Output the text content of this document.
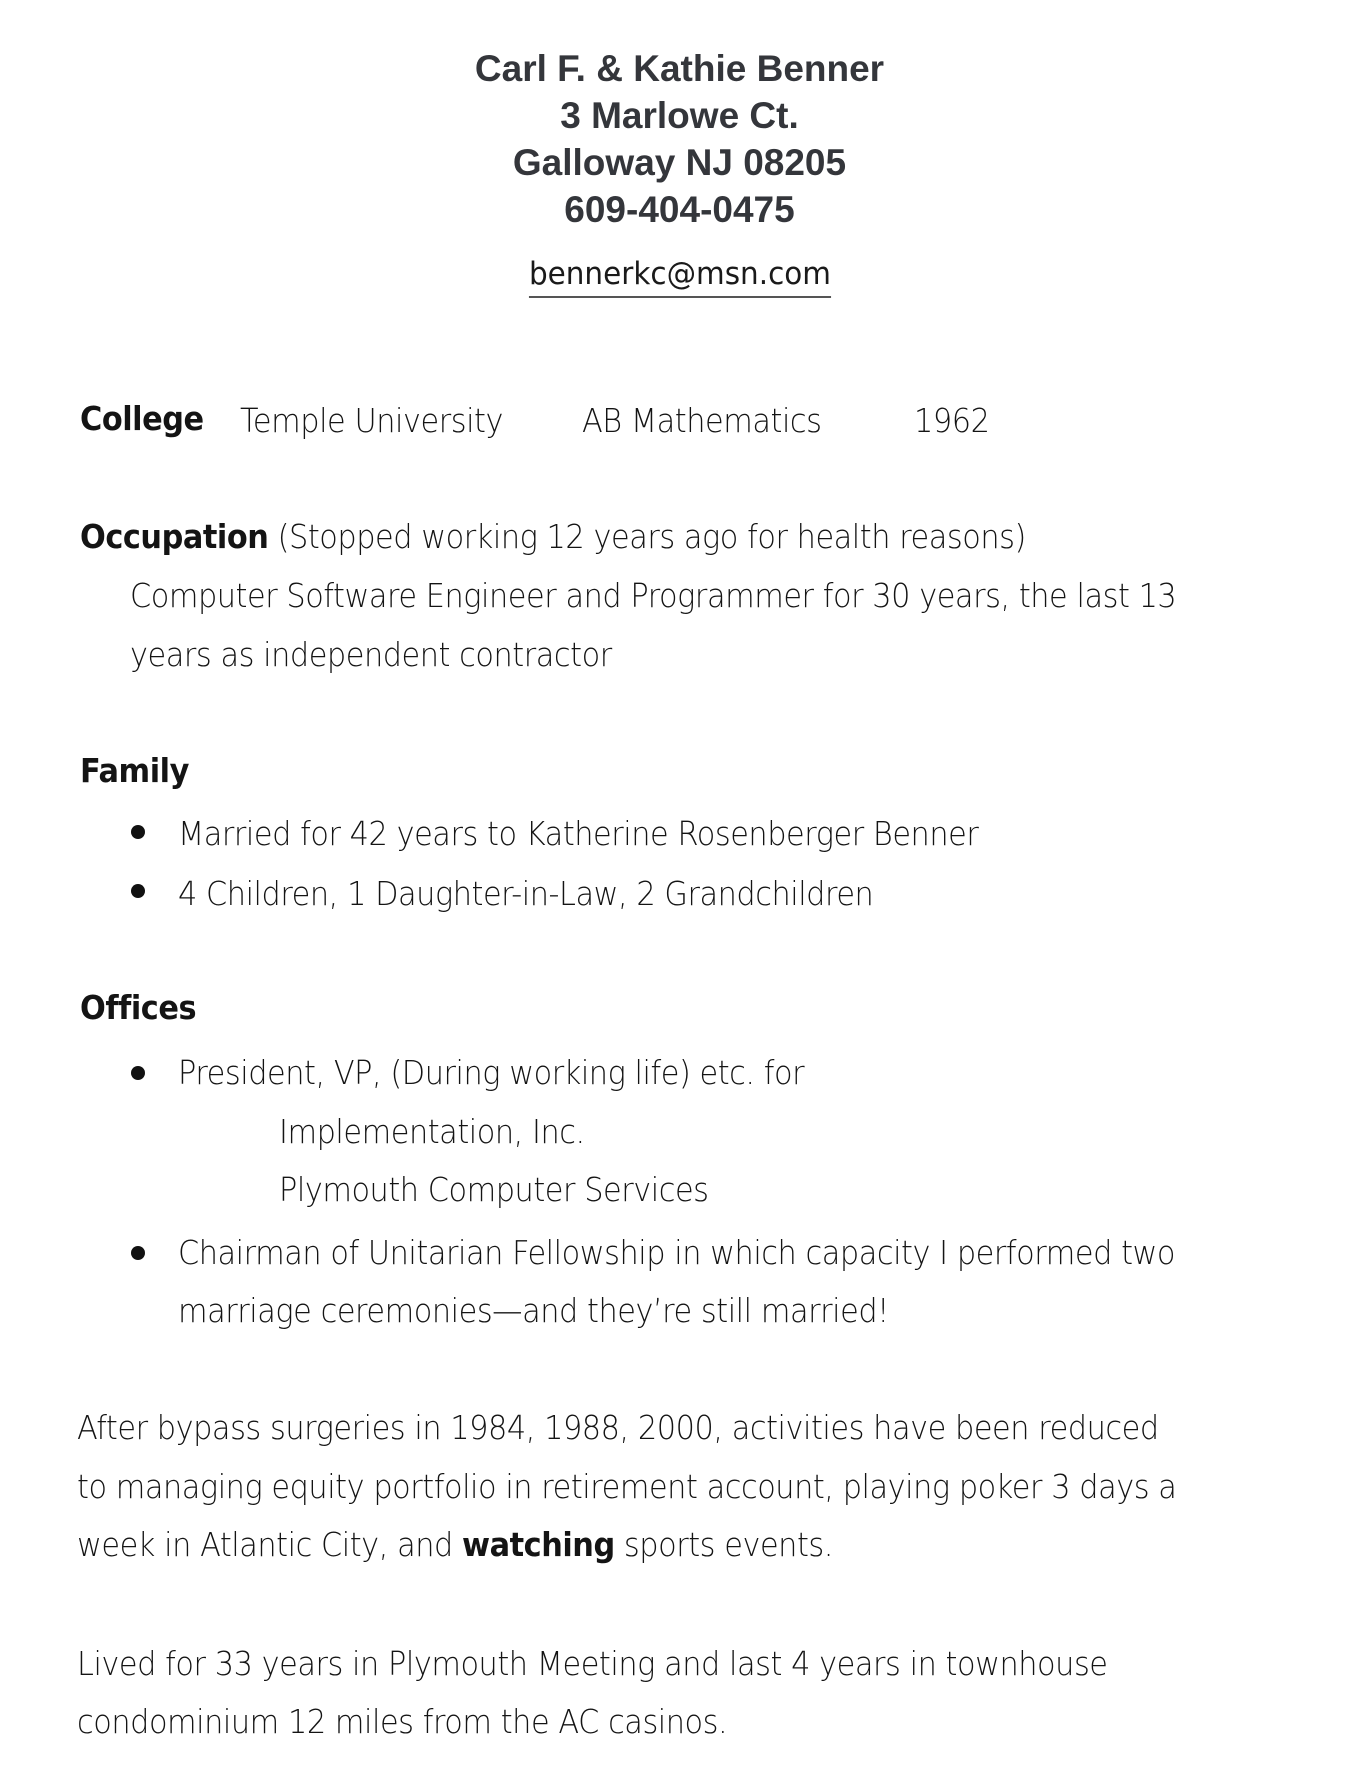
Carl F. & Kathie Benner
3 Marlowe Ct.
Galloway NJ 08205
609-404-0475
bennerkc@msn.com
College Temple University AB Mathematics	1962
Occupation (Stopped working 12 years ago for health reasons)
Computer Software Engineer and Programmer for 30 years, the last 13
years as independent contractor
Family
Married for 42 years to Katherine Rosenberger Benner
4 Children, 1 Daughter-in-Law, 2 Grandchildren
Offices
President, VP, (During working life) etc. for
Implementation, Inc.
Plymouth Computer Services
Chairman of Unitarian Fellowship in which capacity I performed two
marriage ceremonies—and they’re still married!
After bypass surgeries in 1984, 1988, 2000, activities have been reduced
to managing equity portfolio in retirement account, playing poker 3 days a
week in Atlantic City, and watching sports events.
Lived for 33 years in Plymouth Meeting and last 4 years in townhouse
condominium 12 miles from the AC casinos.
